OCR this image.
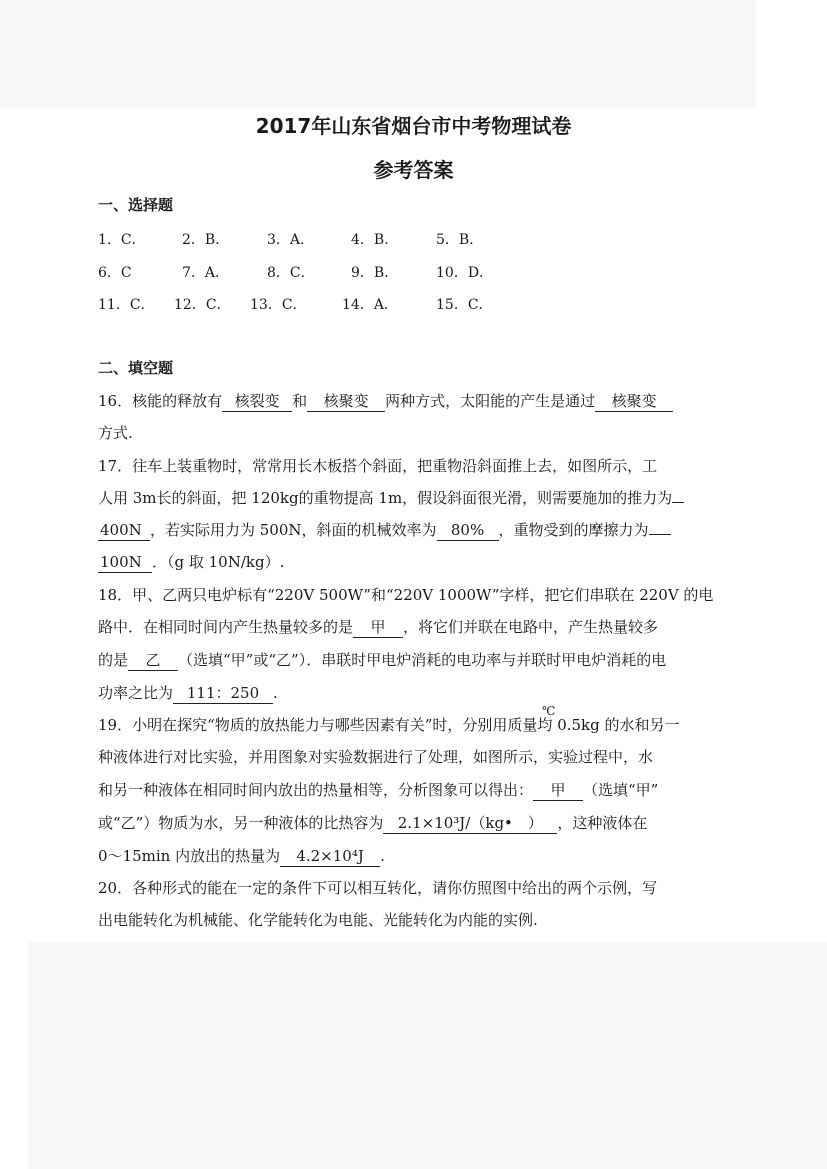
2017年山东省烟台市中考物理试卷
参考答案
一、选择题
1．C．	2．B．	3．A．	4．B．	5．B．
6．C	7．A．	8．C．	9．B．	10．D．
11．C． 12．C． 13．C．	14．A．	15．C．
二、填空题
16．核能的释放有 核裂变 和 核聚变 两种方式，太阳能的产生是通过 核聚变
方式.
17．往车上装重物时，常常用长木板搭个斜面，把重物沿斜面推上去，如图所示，工
人用 3m长的斜面，把 120kg的重物提高 1m，假设斜面很光滑，则需要施加的推力为
400N ，若实际用力为 500N，斜面的机械效率为 80% ，重物受到的摩擦力为
100N ．（g 取 10N/kg）.
18．甲、乙两只电炉标有“220V 500W”和“220V 1000W”字样，把它们串联在 220V 的电
路中．在相同时间内产生热量较多的是 甲 ，将它们并联在电路中，产生热量较多
的是 乙 （选填“甲”或“乙”）．串联时甲电炉消耗的电功率与并联时甲电炉消耗的电
功率之比为 111：250 .
℃
19．小明在探究“物质的放热能力与哪些因素有关”时，分别用质量均 0.5kg 的水和另一
种液体进行对比实验，并用图象对实验数据进行了处理，如图所示，实验过程中，水
和另一种液体在相同时间内放出的热量相等，分析图象可以得出： 甲 （选填“甲”
或“乙”）物质为水，另一种液体的比热容为 2.1×10³J/（kg•　） ，这种液体在
0～15min 内放出的热量为 4.2×10⁴J .
20．各种形式的能在一定的条件下可以相互转化，请你仿照图中给出的两个示例，写
出电能转化为机械能、化学能转化为电能、光能转化为内能的实例.
